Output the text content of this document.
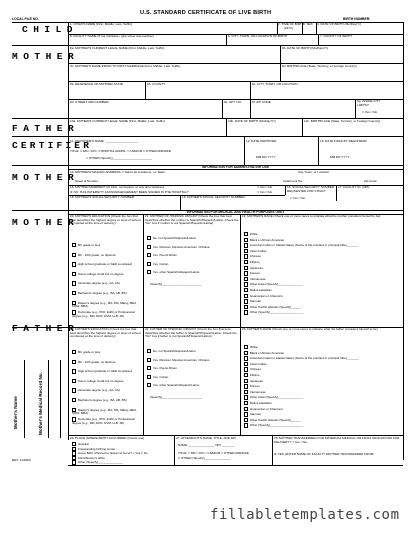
LOCAL FILE NO.
U.S. STANDARD CERTIFICATE OF LIVE BIRTH
BIRTH NUMBER:
CHILD
1. CHILD'S NAME (First, Middle, Last, Suffix)	2. TIME OF BIRTH
(24 hr)
3. SEX 4. DATE OF BIRTH (Mo/Day/Yr)
5. FACILITY NAME (If not institution, give street and number)	6. CITY, TOWN, OR LOCATION OF BIRTH	7. COUNTY OF BIRTH
MOTHER
8a. MOTHER'S CURRENT LEGAL NAME (First, Middle, Last, Suffix)	8b. DATE OF BIRTH (Mo/Day/Yr)
8c. MOTHER'S NAME PRIOR TO FIRST MARRIAGE (First, Middle, Last, Suffix)	8d. BIRTHPLACE (State, Territory, or Foreign Country)
9a. RESIDENCE OF MOTHER-STATE	9b. COUNTY	9c. CITY, TOWN, OR LOCATION
9d. STREET AND NUMBER	9e. APT. NO.	9f. ZIP CODE	9g. INSIDE CITY LIMITS?
□ Yes □ No
FATHER
10a. FATHER'S CURRENT LEGAL NAME (First, Middle, Last, Suffix)	10b. DATE OF BIRTH (Mo/Day/Yr)	10c. BIRTHPLACE (State, Territory, or Foreign Country)
CERTIFIER
11. CERTIFIER'S NAME: ___________________
TITLE: □ MD □ DO □ HOSPITAL ADMIN. □ CNM/CM □ OTHER MIDWIFE
□ OTHER (Specify)_______________________
12. DATE CERTIFIED
MM DD YYYY
13. DATE FILED BY REGISTRAR
MM DD YYYY
INFORMATION FOR ADMINISTRATIVE USE
MOTHER
14. MOTHER'S MAILING ADDRESS: □ Same as residence, or: State:	City, Town, or Location:
Street & Number:	Apartment No.:	Zip Code:
15. MOTHER MARRIED? (At birth, conception, or any time between)	□ Yes □ No
IF NO, HAS PATERNITY ACKNOWLEDGEMENT BEEN SIGNED IN THE HOSPITAL?	□ Yes □ No
16. SOCIAL SECURITY NUMBER REQUESTED FOR CHILD?
□ Yes □ No
17. FACILITY ID. (NPI)
18. MOTHER'S SOCIAL SECURITY NUMBER:	19. FATHER'S SOCIAL SECURITY NUMBER:
INFORMATION FOR MEDICAL AND HEALTH PURPOSES ONLY
MOTHER
20. MOTHER'S EDUCATION (Check the box that best describes the highest degree or level of school completed at the time of delivery)
8th grade or less
9th - 12th grade, no diploma
High school graduate or GED completed
Some college credit but no degree
Associate degree (e.g., AA, AS)
Bachelor's degree (e.g., BA, AB, BS)
Master's degree (e.g., MA, MS, MEng, MEd, MSW, MBA)
Doctorate (e.g., PhD, EdD) or Professional degree (e.g., MD, DDS, DVM, LLB, JD)
21. MOTHER OF HISPANIC ORIGIN? (Check the box that best describes whether the mother is Spanish/Hispanic/Latina. Check the "No" box if mother is not Spanish/Hispanic/Latina)
No, not Spanish/Hispanic/Latina
Yes, Mexican, Mexican American, Chicana
Yes, Puerto Rican
Yes, Cuban
Yes, other Spanish/Hispanic/Latina
(Specify)_______________________
22. MOTHER'S RACE (Check one or more races to indicate what the mother considers herself to be)
White
Black or African American
American Indian or Alaska Native (Name of the enrolled or principal tribe)_______
Asian Indian
Chinese
Filipino
Japanese
Korean
Vietnamese
Other Asian (Specify)_______________
Native Hawaiian
Guamanian or Chamorro
Samoan
Other Pacific Islander (Specify)______
Other (Specify)____________________
FATHER
23. FATHER'S EDUCATION (Check the box that best describes the highest degree or level of school completed at the time of delivery)
8th grade or less
9th - 12th grade, no diploma
High school graduate or GED completed
Some college credit but no degree
Associate degree (e.g., AA, AS)
Bachelor's degree (e.g., BA, AB, BS)
Master's degree (e.g., MA, MS, MEng, MEd, MSW, MBA)
Doctorate (e.g., PhD, EdD) or Professional degree (e.g., MD, DDS, DVM, LLB, JD)
24. FATHER OF HISPANIC ORIGIN? (Check the box that best describes whether the father is Spanish/Hispanic/Latino. Check the "No" box if father is not Spanish/Hispanic/Latino)
No, not Spanish/Hispanic/Latino
Yes, Mexican, Mexican American, Chicano
Yes, Puerto Rican
Yes, Cuban
Yes, other Spanish/Hispanic/Latino
(Specify)_______________________
25. FATHER'S RACE (Check one or more races to indicate what the father considers himself to be)
White
Black or African American
American Indian or Alaska Native (Name of the enrolled or principal tribe)_______
Asian Indian
Chinese
Filipino
Japanese
Korean
Vietnamese
Other Asian (Specify)_______________
Native Hawaiian
Guamanian or Chamorro
Samoan
Other Pacific Islander (Specify)______
Other (Specify)____________________
Mother's Name	Mother's Medical Record No.
26. PLACE WHERE BIRTH OCCURRED (Check one)
Hospital
Freestanding birthing center
Home Birth: Planned to deliver at home? □ Yes □ No
Clinic/Doctor's office
Other (Specify)_______________
27. ATTENDANT'S NAME, TITLE, AND NPI
NAME: _______________ NPI: _______
TITLE: □ MD □ DO □ CNM/CM □ OTHER MIDWIFE
□ OTHER (Specify)_______________
28. MOTHER TRANSFERRED FOR MATERNAL MEDICAL OR FETAL INDICATIONS FOR DELIVERY? □ Yes □ No
IF YES, ENTER NAME OF FACILITY MOTHER TRANSFERRED FROM:
REV. 11/2003
fillabletemplates.com
